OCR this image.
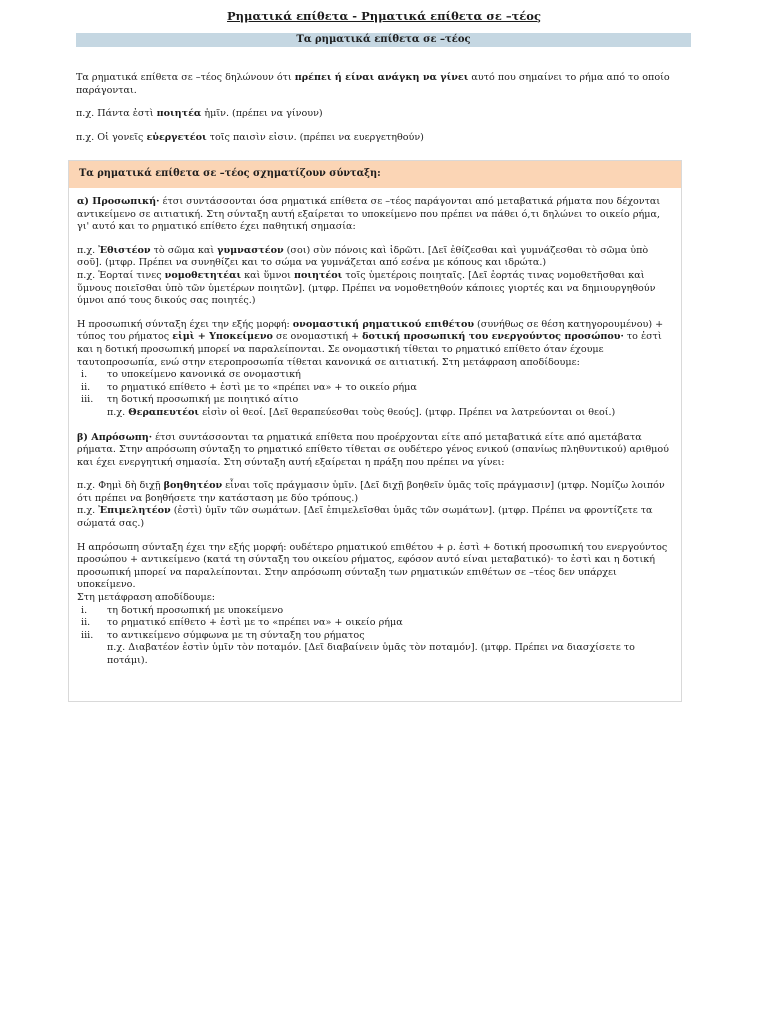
Ρηματικά επίθετα - Ρηματικά επίθετα σε –τέος
Τα ρηματικά επίθετα σε –τέος

Τα ρηματικά επίθετα σε –τέος δηλώνουν ότι πρέπει ή είναι ανάγκη να γίνει αυτό που σημαίνει το ρήμα από το οποίο παράγονται.

π.χ. Πάντα ἐστὶ ποιητέα ἡμῖν. (πρέπει να γίνουν)

π.χ. Οἱ γονεῖς εὐεργετέοι τοῖς παισὶν εἰσιν. (πρέπει να ευεργετηθούν)

Τα ρηματικά επίθετα σε –τέος σχηματίζουν σύνταξη:

α) Προσωπική· έτσι συντάσσονται όσα ρηματικά επίθετα σε –τέος παράγονται από μεταβατικά ρήματα που δέχονται αντικείμενο σε αιτιατική. Στη σύνταξη αυτή εξαίρεται το υποκείμενο που πρέπει να πάθει ό,τι δηλώνει το οικείο ρήμα, γι' αυτό και το ρηματικό επίθετο έχει παθητική σημασία:

π.χ. Ἐθιστέον τὸ σῶμα καὶ γυμναστέον (σοι) σὺν πόνοις καὶ ἱδρῶτι. [Δεῖ ἐθίζεσθαι καὶ γυμνάζεσθαι τὸ σῶμα ὑπὸ σοῦ]. (μτφρ. Πρέπει να συνηθίζει και το σώμα να γυμνάζεται από εσένα με κόπους και ιδρώτα.)
π.χ. Ἑορταί τινες νομοθετητέαι καὶ ὕμνοι ποιητέοι τοῖς ὑμετέροις ποιηταῖς. [Δεῖ ἑορτάς τινας νομοθετῆσθαι καὶ ὕμνους ποιεῖσθαι ὑπὸ τῶν ὑμετέρων ποιητῶν]. (μτφρ. Πρέπει να νομοθετηθούν κάποιες γιορτές και να δημιουργηθούν ύμνοι από τους δικούς σας ποιητές.)

Η προσωπική σύνταξη έχει την εξής μορφή: ονομαστική ρηματικού επιθέτου (συνήθως σε θέση κατηγορουμένου) + τύπος του ρήματος εἰμὶ + Υποκείμενο σε ονομαστική + δοτική προσωπική του ενεργούντος προσώπου· το ἐστὶ και η δοτική προσωπική μπορεί να παραλείπονται. Σε ονομαστική τίθεται το ρηματικό επίθετο όταν έχουμε ταυτοπροσωπία, ενώ στην ετεροπροσωπία τίθεται κανονικά σε αιτιατική. Στη μετάφραση αποδίδουμε:

i. το υποκείμενο κανονικά σε ονομαστική
ii. το ρηματικό επίθετο + ἐστὶ με το «πρέπει να» + το οικείο ρήμα
iii. τη δοτική προσωπική με ποιητικό αίτιο
π.χ. Θεραπευτέοι εἰσὶν οἱ θεοί. [Δεῖ θεραπεύεσθαι τοὺς θεούς]. (μτφρ. Πρέπει να λατρεύονται οι θεοί.)

β) Απρόσωπη· έτσι συντάσσονται τα ρηματικά επίθετα που προέρχονται είτε από μεταβατικά είτε από αμετάβατα ρήματα. Στην απρόσωπη σύνταξη το ρηματικό επίθετο τίθεται σε ουδέτερο γένος ενικού (σπανίως πληθυντικού) αριθμού και έχει ενεργητική σημασία. Στη σύνταξη αυτή εξαίρεται η πράξη που πρέπει να γίνει:

π.χ. Φημὶ δὴ διχῇ βοηθητέον εἶναι τοῖς πράγμασιν ὑμῖν. [Δεῖ διχῇ βοηθεῖν ὑμᾶς τοῖς πράγμασιν] (μτφρ. Νομίζω λοιπόν ότι πρέπει να βοηθήσετε την κατάσταση με δύο τρόπους.)
π.χ. Ἐπιμελητέον (ἐστὶ) ὑμῖν τῶν σωμάτων. [Δεῖ ἐπιμελεῖσθαι ὑμᾶς τῶν σωμάτων]. (μτφρ. Πρέπει να φροντίζετε τα σώματά σας.)

Η απρόσωπη σύνταξη έχει την εξής μορφή: ουδέτερο ρηματικού επιθέτου + ρ. ἐστὶ + δοτική προσωπική του ενεργούντος προσώπου + αντικείμενο (κατά τη σύνταξη του οικείου ρήματος, εφόσον αυτό είναι μεταβατικό)· το ἐστὶ και η δοτική προσωπική μπορεί να παραλείπονται. Στην απρόσωπη σύνταξη των ρηματικών επιθέτων σε –τέος δεν υπάρχει υποκείμενο.
Στη μετάφραση αποδίδουμε:

i. τη δοτική προσωπική με υποκείμενο
ii. το ρηματικό επίθετο + ἐστὶ με το «πρέπει να» + οικείο ρήμα
iii. το αντικείμενο σύμφωνα με τη σύνταξη του ρήματος
π.χ. Διαβατέον ἐστὶν ὑμῖν τὸν ποταμόν. [Δεῖ διαβαίνειν ὑμᾶς τὸν ποταμόν]. (μτφρ. Πρέπει να διασχίσετε το ποτάμι).
